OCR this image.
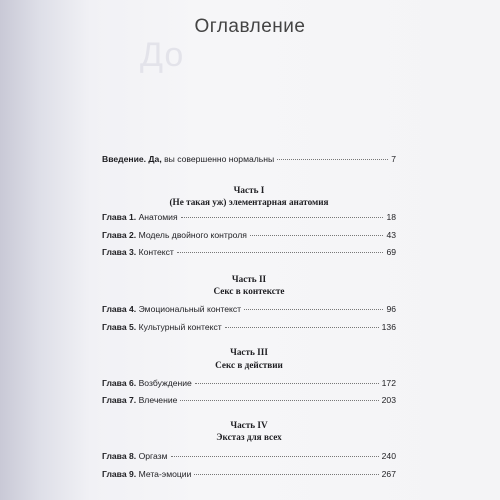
До
Оглавление
Введение. Да, вы совершенно нормальны	7
Часть I
(Не такая уж) элементарная анатомия
Глава 1. Анатомия	18
Глава 2. Модель двойного контроля	43
Глава 3. Контекст	69
Часть II
Секс в контексте
Глава 4. Эмоциональный контекст	96
Глава 5. Культурный контекст	136
Часть III
Секс в действии
Глава 6. Возбуждение	172
Глава 7. Влечение	203
Часть IV
Экстаз для всех
Глава 8. Оргазм	240
Глава 9. Мета-эмоции	267
